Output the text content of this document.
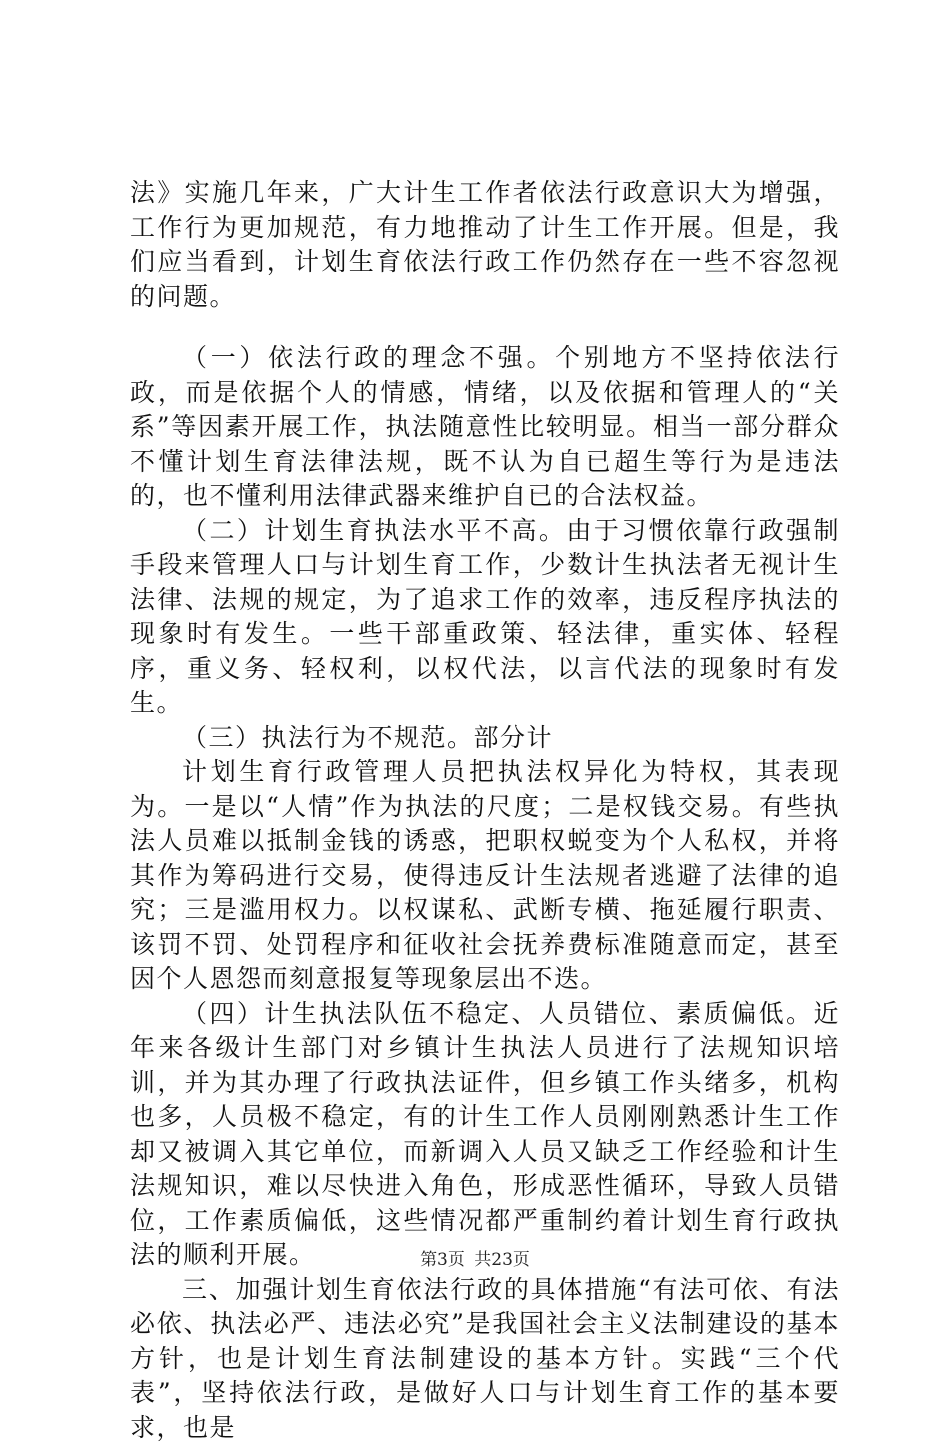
法》实施几年来，广大计生工作者依法行政意识大为增强，工作行为更加规范，有力地推动了计生工作开展。但是，我们应当看到，计划生育依法行政工作仍然存在一些不容忽视的问题。

（一）依法行政的理念不强。个别地方不坚持依法行政，而是依据个人的情感，情绪，以及依据和管理人的“关系”等因素开展工作，执法随意性比较明显。相当一部分群众不懂计划生育法律法规，既不认为自已超生等行为是违法的，也不懂利用法律武器来维护自已的合法权益。

（二）计划生育执法水平不高。由于习惯依靠行政强制手段来管理人口与计划生育工作，少数计生执法者无视计生法律、法规的规定，为了追求工作的效率，违反程序执法的现象时有发生。一些干部重政策、轻法律，重实体、轻程序，重义务、轻权利，以权代法，以言代法的现象时有发生。

（三）执法行为不规范。部分计

计划生育行政管理人员把执法权异化为特权，其表现为。一是以“人情”作为执法的尺度；二是权钱交易。有些执法人员难以抵制金钱的诱惑，把职权蜕变为个人私权，并将其作为筹码进行交易，使得违反计生法规者逃避了法律的追究；三是滥用权力。以权谋私、武断专横、拖延履行职责、该罚不罚、处罚程序和征收社会抚养费标准随意而定，甚至因个人恩怨而刻意报复等现象层出不迭。

（四）计生执法队伍不稳定、人员错位、素质偏低。近年来各级计生部门对乡镇计生执法人员进行了法规知识培训，并为其办理了行政执法证件，但乡镇工作头绪多，机构也多，人员极不稳定，有的计生工作人员刚刚熟悉计生工作却又被调入其它单位，而新调入人员又缺乏工作经验和计生法规知识，难以尽快进入角色，形成恶性循环，导致人员错位，工作素质偏低，这些情况都严重制约着计划生育行政执法的顺利开展。

三、加强计划生育依法行政的具体措施“有法可依、有法必依、执法必严、违法必究”是我国社会主义法制建设的基本方针，也是计划生育法制建设的基本方针。实践“三个代表”，坚持依法行政，是做好人口与计划生育工作的基本要求，也是

第3页 共23页
